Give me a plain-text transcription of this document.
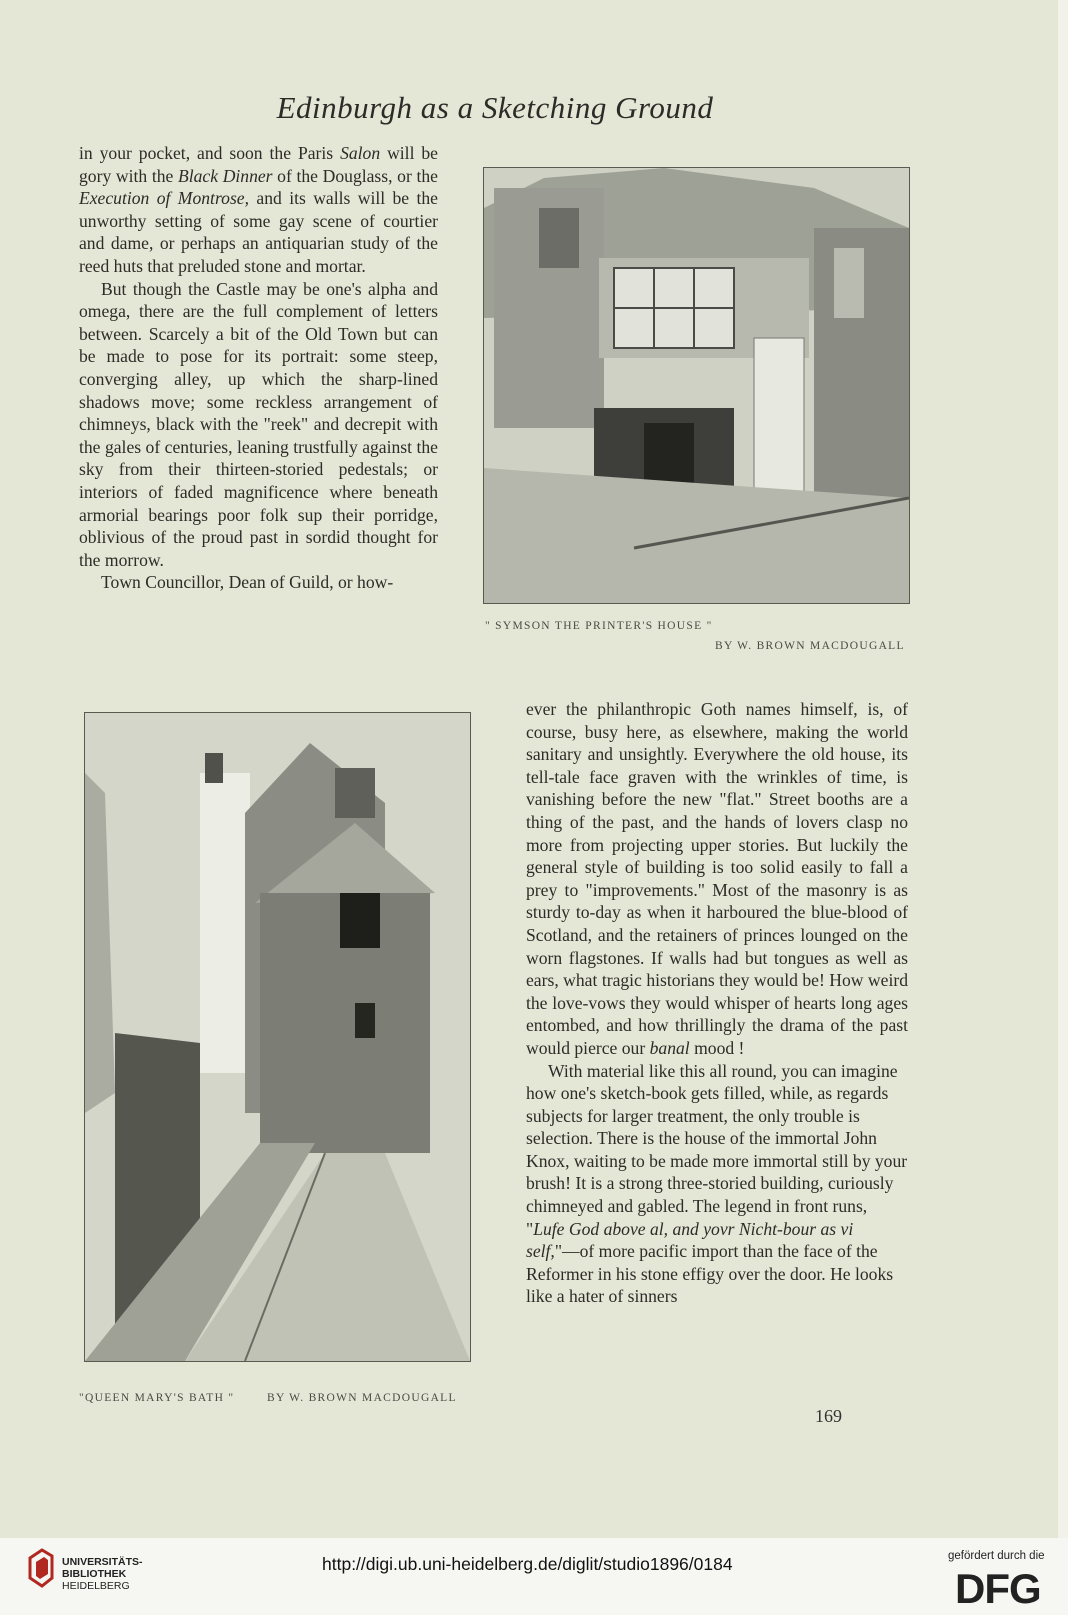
Edinburgh as a Sketching Ground

in your pocket, and soon the Paris Salon will be gory with the Black Dinner of the Douglass, or the Execution of Montrose, and its walls will be the unworthy setting of some gay scene of courtier and dame, or perhaps an antiquarian study of the reed huts that preluded stone and mortar.

But though the Castle may be one's alpha and omega, there are the full complement of letters between. Scarcely a bit of the Old Town but can be made to pose for its portrait: some steep, converging alley, up which the sharp-lined shadows move; some reckless arrangement of chimneys, black with the "reek" and decrepit with the gales of centuries, leaning trustfully against the sky from their thirteen-storied pedestals; or interiors of faded magnificence where beneath armorial bearings poor folk sup their porridge, oblivious of the proud past in sordid thought for the morrow.

Town Councillor, Dean of Guild, or how-

" SYMSON THE PRINTER'S HOUSE "
BY W. BROWN MACDOUGALL
"QUEEN MARY'S BATH "	BY W. BROWN MACDOUGALL

ever the philanthropic Goth names himself, is, of course, busy here, as elsewhere, making the world sanitary and unsightly. Everywhere the old house, its tell-tale face graven with the wrinkles of time, is vanishing before the new "flat." Street booths are a thing of the past, and the hands of lovers clasp no more from projecting upper stories. But luckily the general style of building is too solid easily to fall a prey to "improvements." Most of the masonry is as sturdy to-day as when it harboured the blue-blood of Scotland, and the retainers of princes lounged on the worn flagstones. If walls had but tongues as well as ears, what tragic historians they would be! How weird the love-vows they would whisper of hearts long ages entombed, and how thrillingly the drama of the past would pierce our banal mood !

With material like this all round, you can imagine how one's sketch-book gets filled, while, as regards subjects for larger treatment, the only trouble is selection. There is the house of the immortal John Knox, waiting to be made more immortal still by your brush! It is a strong three-storied building, curiously chimneyed and gabled. The legend in front runs, "Lufe God above al, and yovr Nicht-bour as vi self,"—of more pacific import than the face of the Reformer in his stone effigy over the door. He looks like a hater of sinners

169
UNIVERSITÄTS-
BIBLIOTHEK
HEIDELBERG
http://digi.ub.uni-heidelberg.de/diglit/studio1896/0184	gefördert durch die
DFG
